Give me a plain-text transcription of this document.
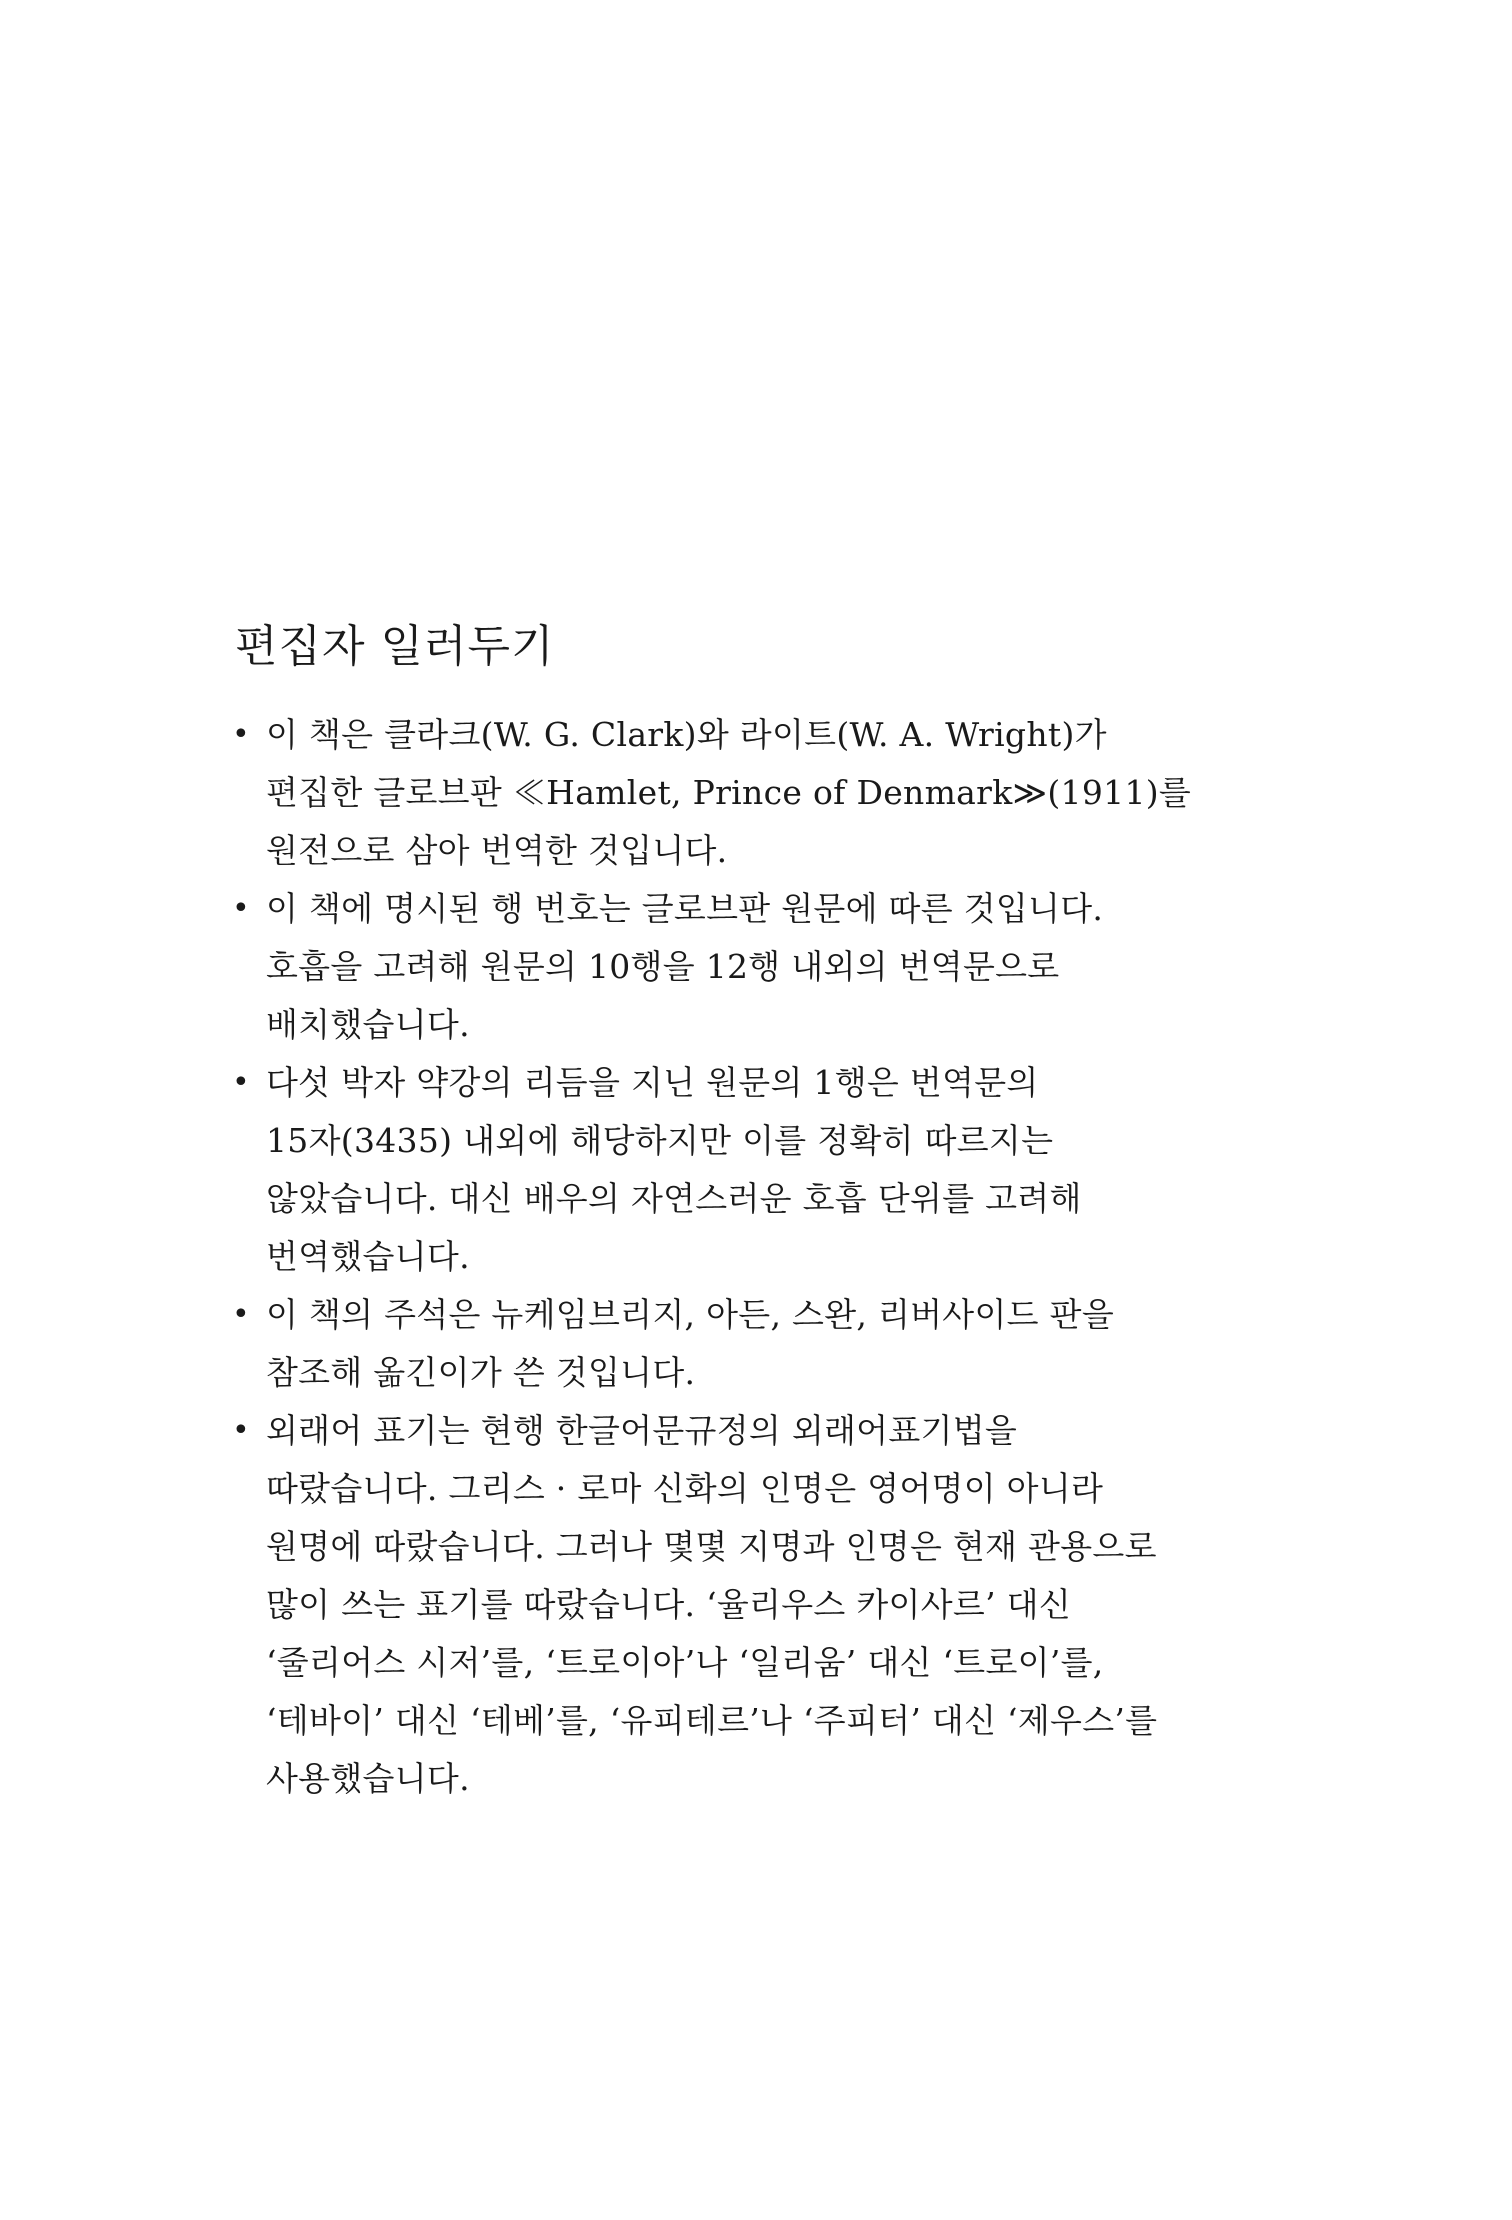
편집자 일러두기
• 이 책은 클라크(W. G. Clark)와 라이트(W. A. Wright)가
편집한 글로브판 ≪Hamlet, Prince of Denmark≫(1911)를
원전으로 삼아 번역한 것입니다.
• 이 책에 명시된 행 번호는 글로브판 원문에 따른 것입니다.
호흡을 고려해 원문의 10행을 12행 내외의 번역문으로
배치했습니다.
• 다섯 박자 약강의 리듬을 지닌 원문의 1행은 번역문의
15자(3435) 내외에 해당하지만 이를 정확히 따르지는
않았습니다. 대신 배우의 자연스러운 호흡 단위를 고려해
번역했습니다.
• 이 책의 주석은 뉴케임브리지, 아든, 스완, 리버사이드 판을
참조해 옮긴이가 쓴 것입니다.
• 외래어 표기는 현행 한글어문규정의 외래어표기법을
따랐습니다. 그리스 · 로마 신화의 인명은 영어명이 아니라
원명에 따랐습니다. 그러나 몇몇 지명과 인명은 현재 관용으로
많이 쓰는 표기를 따랐습니다. ‘율리우스 카이사르’ 대신
‘줄리어스 시저’를, ‘트로이아’나 ‘일리움’ 대신 ‘트로이’를,
‘테바이’ 대신 ‘테베’를, ‘유피테르’나 ‘주피터’ 대신 ‘제우스’를
사용했습니다.
